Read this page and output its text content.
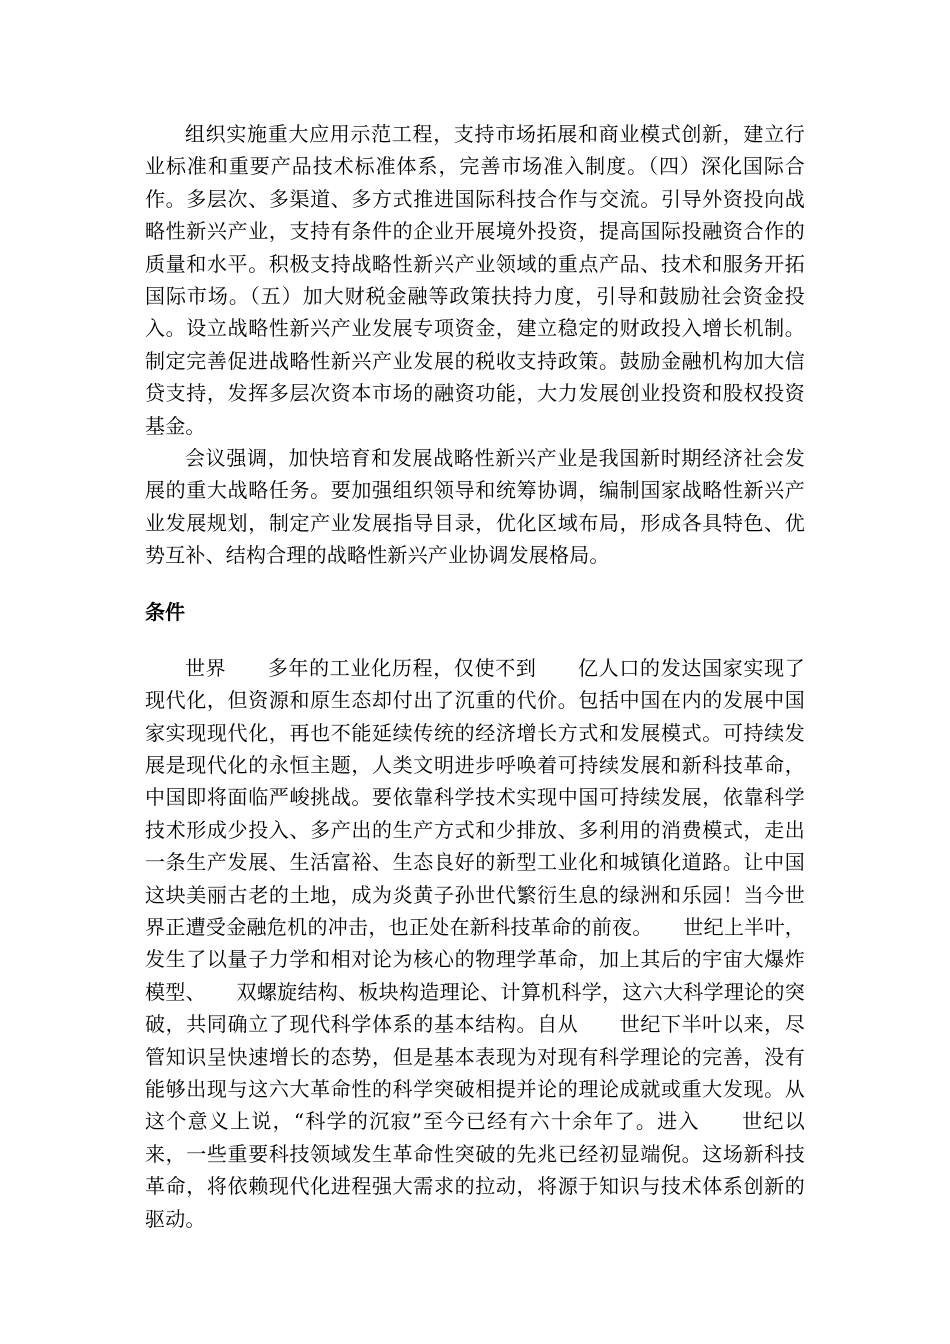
组织实施重大应用示范工程，支持市场拓展和商业模式创新，建立行业标准和重要产品技术标准体系，完善市场准入制度。（四）深化国际合作。多层次、多渠道、多方式推进国际科技合作与交流。引导外资投向战略性新兴产业，支持有条件的企业开展境外投资，提高国际投融资合作的质量和水平。积极支持战略性新兴产业领域的重点产品、技术和服务开拓国际市场。（五）加大财税金融等政策扶持力度，引导和鼓励社会资金投入。设立战略性新兴产业发展专项资金，建立稳定的财政投入增长机制。制定完善促进战略性新兴产业发展的税收支持政策。鼓励金融机构加大信贷支持，发挥多层次资本市场的融资功能，大力发展创业投资和股权投资基金。

会议强调，加快培育和发展战略性新兴产业是我国新时期经济社会发展的重大战略任务。要加强组织领导和统筹协调，编制国家战略性新兴产业发展规划，制定产业发展指导目录，优化区域布局，形成各具特色、优势互补、结构合理的战略性新兴产业协调发展格局。

条件

世界　　多年的工业化历程，仅使不到　　亿人口的发达国家实现了现代化，但资源和原生态却付出了沉重的代价。包括中国在内的发展中国家实现现代化，再也不能延续传统的经济增长方式和发展模式。可持续发展是现代化的永恒主题，人类文明进步呼唤着可持续发展和新科技革命，中国即将面临严峻挑战。要依靠科学技术实现中国可持续发展，依靠科学技术形成少投入、多产出的生产方式和少排放、多利用的消费模式，走出一条生产发展、生活富裕、生态良好的新型工业化和城镇化道路。让中国这块美丽古老的土地，成为炎黄子孙世代繁衍生息的绿洲和乐园！当今世界正遭受金融危机的冲击，也正处在新科技革命的前夜。　　世纪上半叶，发生了以量子力学和相对论为核心的物理学革命，加上其后的宇宙大爆炸模型、　　双螺旋结构、板块构造理论、计算机科学，这六大科学理论的突破，共同确立了现代科学体系的基本结构。自从　　世纪下半叶以来，尽管知识呈快速增长的态势，但是基本表现为对现有科学理论的完善，没有能够出现与这六大革命性的科学突破相提并论的理论成就或重大发现。从这个意义上说，“科学的沉寂”至今已经有六十余年了。进入　　世纪以来，一些重要科技领域发生革命性突破的先兆已经初显端倪。这场新科技革命，将依赖现代化进程强大需求的拉动，将源于知识与技术体系创新的驱动。
